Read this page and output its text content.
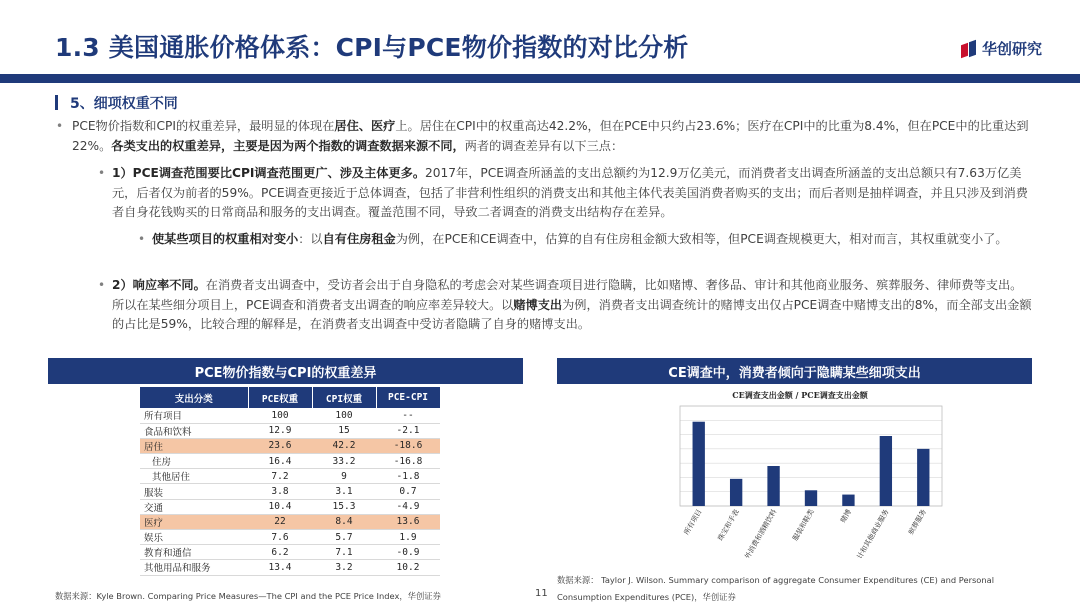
1.3 美国通胀价格体系：CPI与PCE物价指数的对比分析	华创研究
5、细项权重不同
• PCE物价指数和CPI的权重差异，最明显的体现在居住、医疗上。居住在CPI中的权重高达42.2%，但在PCE中只约占23.6%；医疗在CPI中的比重为8.4%，但在PCE中的比重达到22%。各类支出的权重差异，主要是因为两个指数的调查数据来源不同，两者的调查差异有以下三点：
• 1）PCE调查范围要比CPI调查范围更广、涉及主体更多。2017年，PCE调查所涵盖的支出总额约为12.9万亿美元，而消费者支出调查所涵盖的支出总额只有7.63万亿美元，后者仅为前者的59%。PCE调查更接近于总体调查，包括了非营利性组织的消费支出和其他主体代表美国消费者购买的支出；而后者则是抽样调查，并且只涉及到消费者自身花钱购买的日常商品和服务的支出调查。覆盖范围不同，导致二者调查的消费支出结构存在差异。
• 使某些项目的权重相对变小：以自有住房租金为例，在PCE和CE调查中，估算的自有住房租金额大致相等，但PCE调查规模更大，相对而言，其权重就变小了。
• 2）响应率不同。在消费者支出调查中，受访者会出于自身隐私的考虑会对某些调查项目进行隐瞒，比如赌博、奢侈品、审计和其他商业服务、殡葬服务、律师费等支出。所以在某些细分项目上，PCE调查和消费者支出调查的响应率差异较大。以赌博支出为例，消费者支出调查统计的赌博支出仅占PCE调查中赌博支出的8%，而全部支出金额的占比是59%，比较合理的解释是，在消费者支出调查中受访者隐瞒了自身的赌博支出。
PCE物价指数与CPI的权重差异	CE调查中，消费者倾向于隐瞒某些细项支出
支出分类	PCE权重	CPI权重	PCE-CPI
所有项目	100	100	--
食品和饮料	12.9	15	-2.1
居住	23.6	42.2	-18.6
住房	16.4	33.2	-16.8
其他居住	7.2	9	-1.8
服装	3.8	3.1	0.7
交通	10.4	15.3	-4.9
医疗	22	8.4	13.6
娱乐	7.6	5.7	1.9
教育和通信	6.2	7.1	-0.9
其他用品和服务	13.4	3.2	10.2
CE调查支出金额 / PCE调查支出金额
所有项目 珠宝和手表 户外消费和酒精饮料 服装和鞋类	赌博 会计和其他商业服务 殡葬服务
数据来源：Kyle Brown. Comparing Price Measures—The CPI and the PCE Price Index，华创证券	11
数据来源： Taylor J. Wilson. Summary comparison of aggregate Consumer Expenditures (CE) and Personal Consumption Expenditures (PCE)，华创证券
